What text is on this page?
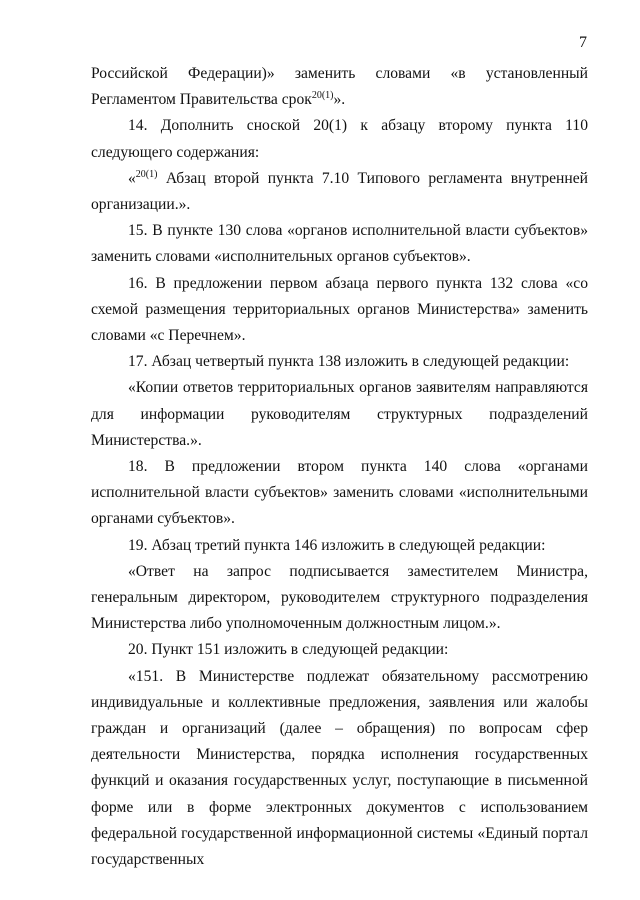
7

Российской Федерации)» заменить словами «в установленный Регламентом Правительства срок$^{20(1)}$».

14. Дополнить сноской 20(1) к абзацу второму пункта 110 следующего содержания:

«$^{20(1)}$ Абзац второй пункта 7.10 Типового регламента внутренней организации.».

15. В пункте 130 слова «органов исполнительной власти субъектов» заменить словами «исполнительных органов субъектов».

16. В предложении первом абзаца первого пункта 132 слова «со схемой размещения территориальных органов Министерства» заменить словами «с Перечнем».

17. Абзац четвертый пункта 138 изложить в следующей редакции:

«Копии ответов территориальных органов заявителям направляются для информации руководителям структурных подразделений Министерства.».

18. В предложении втором пункта 140 слова «органами исполнительной власти субъектов» заменить словами «исполнительными органами субъектов».

19. Абзац третий пункта 146 изложить в следующей редакции:

«Ответ на запрос подписывается заместителем Министра, генеральным директором, руководителем структурного подразделения Министерства либо уполномоченным должностным лицом.».

20. Пункт 151 изложить в следующей редакции:

«151. В Министерстве подлежат обязательному рассмотрению индивидуальные и коллективные предложения, заявления или жалобы граждан и организаций (далее – обращения) по вопросам сфер деятельности Министерства, порядка исполнения государственных функций и оказания государственных услуг, поступающие в письменной форме или в форме электронных документов с использованием федеральной государственной информационной системы «Единый портал государственных
